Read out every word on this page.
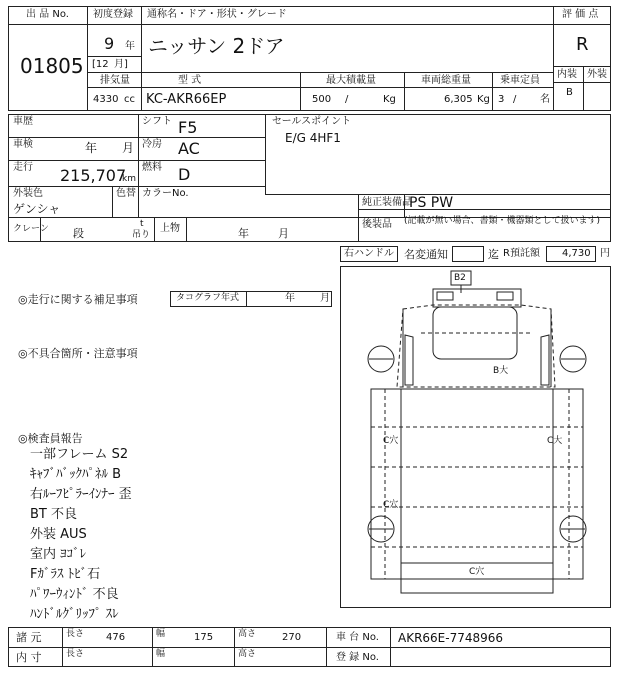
出 品 No.
01805
初度登録
9 年
[12 月]
通称名・ドア・形状・グレード
ニッサン 2ドア
排気量
4330 cc
型 式
KC-AKR66EP
最大積載量
500 /	Kg
車両総重量
6,305 Kg
乗車定員
3 / 名
評 価 点
R
内装 外装
B
車歴
車検	年 月
走行 215,707
km
シフト F5
冷房 AC
燃料 D
セールスポイント
E/G 4HF1
外装色
ゲンシャ
色替 カラーNo.
純正装備品
PS PW
後装品 (記載が無い場合、書類・機器類として扱います)
クレーン 段
t
吊り
上物	年	月
右ハンドル 名変通知	迄 R預託額 4,730 円
◎走行に関する補足事項	タコグラフ年式	年	月
◎不具合箇所・注意事項
◎検査員報告
一部フレーム S2
ｷｬﾌﾞﾊﾞｯｸﾊﾟﾈﾙ B
右ﾙｰﾌﾋﾟﾗｰｲﾝﾅｰ 歪
BT 不良
外装 AUS
室内 ﾖｺﾞﾚ
Fｶﾞﾗｽ ﾄﾋﾞ石
ﾊﾟﾜｰｳｨﾝﾄﾞ 不良
ﾊﾝﾄﾞﾙｸﾞﾘｯﾌﾟ ｽﾚ
B2
B大
C穴	C大
C穴
C穴
諸 元	長さ 476	幅	175	高さ	270	車 台 No. AKR66E-7748966
内 寸	長さ	幅	高さ	登 録 No.
